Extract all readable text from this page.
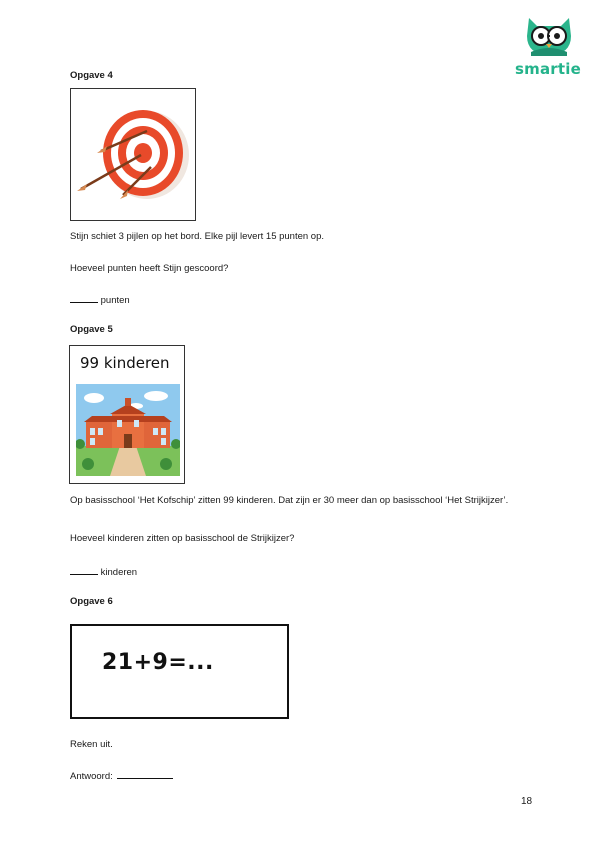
smartie
Opgave 4
Stijn schiet 3 pijlen op het bord. Elke pijl levert 15 punten op.
Hoeveel punten heeft Stijn gescoord?
punten
Opgave 5
99 kinderen
Op basisschool ‘Het Kofschip’ zitten 99 kinderen. Dat zijn er 30 meer dan op basisschool ‘Het Strijkijzer’.
Hoeveel kinderen zitten op basisschool de Strijkijzer?
kinderen
Opgave 6
21+9=...
Reken uit.
Antwoord:
18
